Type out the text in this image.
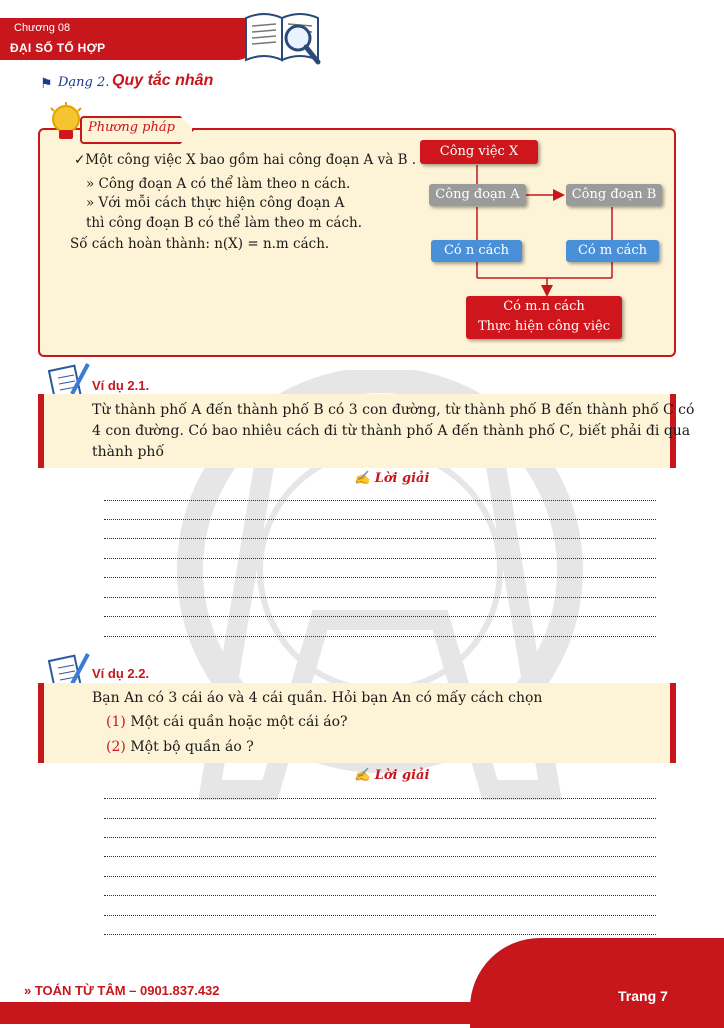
Chương 08
ĐẠI SỐ TỔ HỢP
⚑ Dạng 2. Quy tắc nhân
Phương pháp
✓Một công việc X bao gồm hai công đoạn A và B .
» Công đoạn A có thể làm theo n cách.
» Với mỗi cách thực hiện công đoạn A
thì công đoạn B có thể làm theo m cách.
Số cách hoàn thành: n(X) = n.m cách.
Công việc X
Công đoạn A	Công đoạn B
Có n cách	Có m cách
Có m.n cách
Thực hiện công việc
Ví dụ 2.1.
Từ thành phố A đến thành phố B có 3 con đường, từ thành phố B đến thành phố C có
4 con đường. Có bao nhiêu cách đi từ thành phố A đến thành phố C, biết phải đi qua
thành phố
✍ Lời giải
Ví dụ 2.2.
Bạn An có 3 cái áo và 4 cái quần. Hỏi bạn An có mấy cách chọn
(1) Một cái quần hoặc một cái áo?
(2) Một bộ quần áo ?
✍ Lời giải
» TOÁN TỪ TÂM – 0901.837.432	Trang 7
